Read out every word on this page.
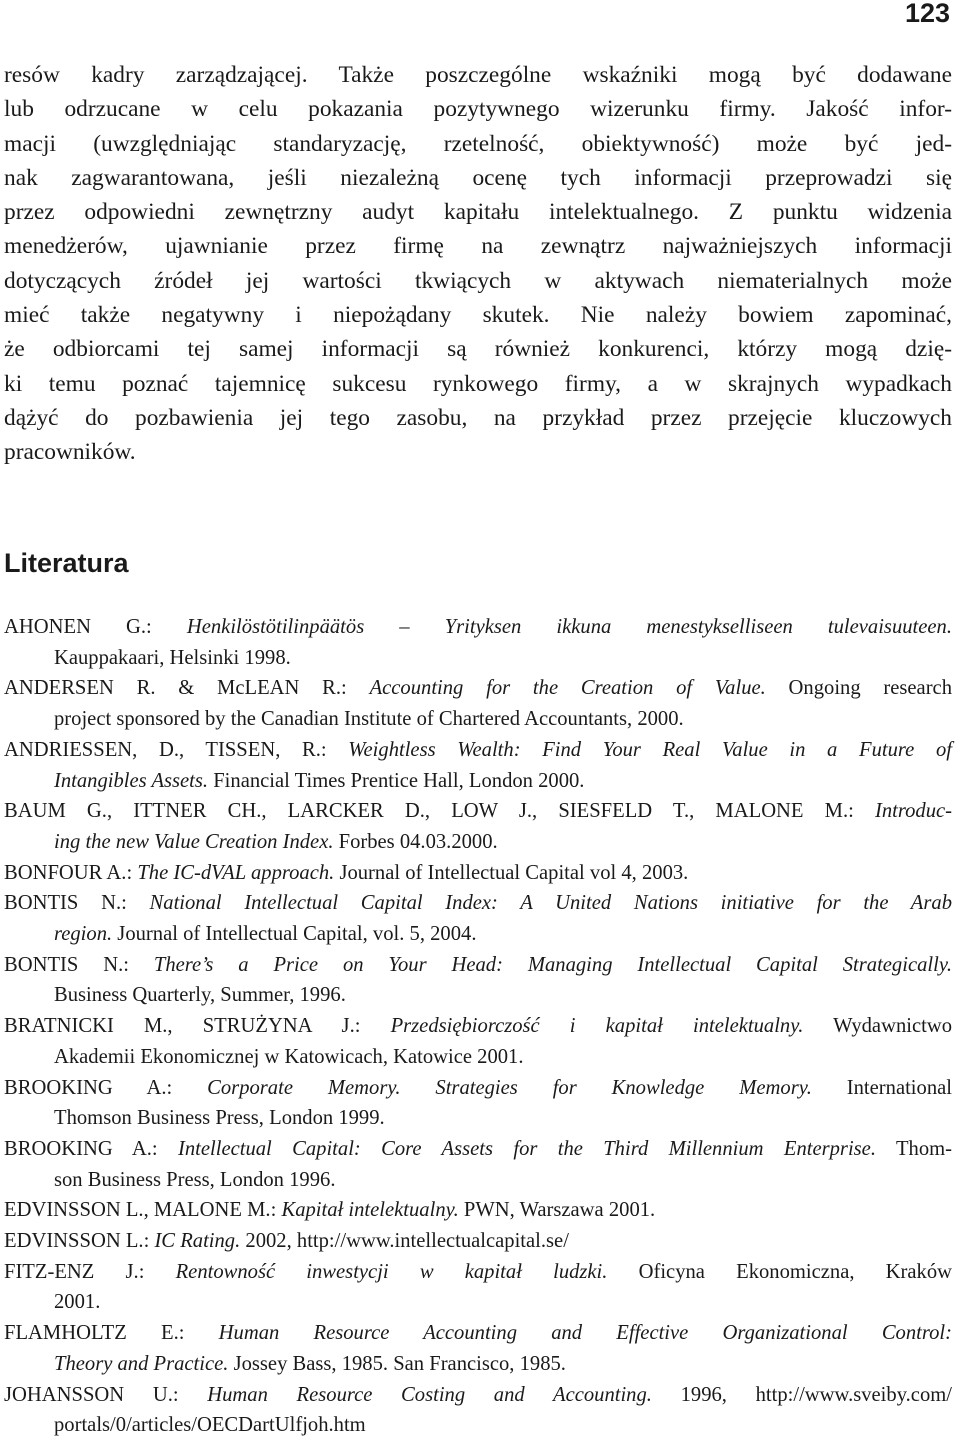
123
resów kadry zarządzającej. Także poszczególne wskaźniki mogą być dodawane
lub odrzucane w celu pokazania pozytywnego wizerunku firmy. Jakość infor-
macji (uwzględniając standaryzację, rzetelność, obiektywność) może być jed-
nak zagwarantowana, jeśli niezależną ocenę tych informacji przeprowadzi się
przez odpowiedni zewnętrzny audyt kapitału intelektualnego. Z punktu widzenia
menedżerów, ujawnianie przez firmę na zewnątrz najważniejszych informacji
dotyczących źródeł jej wartości tkwiących w aktywach niematerialnych może
mieć także negatywny i niepożądany skutek. Nie należy bowiem zapominać,
że odbiorcami tej samej informacji są również konkurenci, którzy mogą dzię-
ki temu poznać tajemnicę sukcesu rynkowego firmy, a w skrajnych wypadkach
dążyć do pozbawienia jej tego zasobu, na przykład przez przejęcie kluczowych
pracowników.
Literatura
AHONEN G.: Henkilöstötilinpäätös – Yrityksen ikkuna menestykselliseen tulevaisuuteen.
Kauppakaari, Helsinki 1998.
ANDERSEN R. & McLEAN R.: Accounting for the Creation of Value. Ongoing research
project sponsored by the Canadian Institute of Chartered Accountants, 2000.
ANDRIESSEN, D., TISSEN, R.: Weightless Wealth: Find Your Real Value in a Future of
Intangibles Assets. Financial Times Prentice Hall, London 2000.
BAUM G., ITTNER CH., LARCKER D., LOW J., SIESFELD T., MALONE M.: Introduc-
ing the new Value Creation Index. Forbes 04.03.2000.
BONFOUR A.: The IC-dVAL approach. Journal of Intellectual Capital vol 4, 2003.
BONTIS N.: National Intellectual Capital Index: A United Nations initiative for the Arab
region. Journal of Intellectual Capital, vol. 5, 2004.
BONTIS N.: There’s a Price on Your Head: Managing Intellectual Capital Strategically.
Business Quarterly, Summer, 1996.
BRATNICKI M., STRUŻYNA J.: Przedsiębiorczość i kapitał intelektualny. Wydawnictwo
Akademii Ekonomicznej w Katowicach, Katowice 2001.
BROOKING A.: Corporate Memory. Strategies for Knowledge Memory. International
Thomson Business Press, London 1999.
BROOKING A.: Intellectual Capital: Core Assets for the Third Millennium Enterprise. Thom-
son Business Press, London 1996.
EDVINSSON L., MALONE M.: Kapitał intelektualny. PWN, Warszawa 2001.
EDVINSSON L.: IC Rating. 2002, http://www.intellectualcapital.se/
FITZ-ENZ J.: Rentowność inwestycji w kapitał ludzki. Oficyna Ekonomiczna, Kraków
2001.
FLAMHOLTZ E.: Human Resource Accounting and Effective Organizational Control:
Theory and Practice. Jossey Bass, 1985. San Francisco, 1985.
JOHANSSON U.: Human Resource Costing and Accounting. 1996, http://www.sveiby.com/
portals/0/articles/OECDartUlfjoh.htm
